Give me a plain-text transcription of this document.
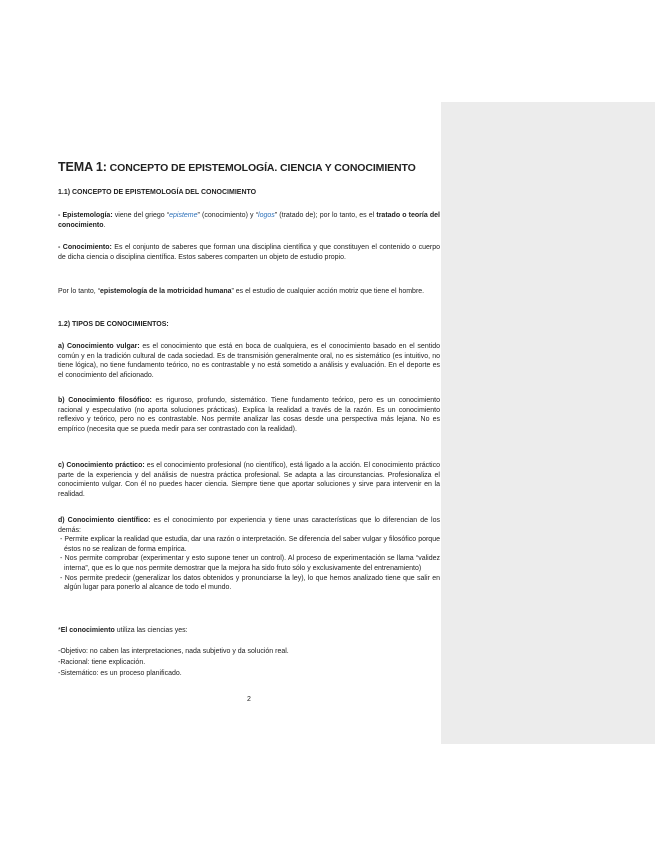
TEMA 1: CONCEPTO DE EPISTEMOLOGÍA. CIENCIA Y CONOCIMIENTO
1.1) CONCEPTO DE EPISTEMOLOGÍA DEL CONOCIMIENTO
- Epistemología: viene del griego “episteme” (conocimiento) y “logos” (tratado de); por lo tanto, es el tratado o teoría del conocimiento.
- Conocimiento: Es el conjunto de saberes que forman una disciplina científica y que constituyen el contenido o cuerpo de dicha ciencia o disciplina científica. Estos saberes comparten un objeto de estudio propio.
Por lo tanto, “epistemología de la motricidad humana” es el estudio de cualquier acción motriz que tiene el hombre.
1.2) TIPOS DE CONOCIMIENTOS:
a) Conocimiento vulgar: es el conocimiento que está en boca de cualquiera, es el conocimiento basado en el sentido común y en la tradición cultural de cada sociedad. Es de transmisión generalmente oral, no es sistemático (es intuitivo, no tiene lógica), no tiene fundamento teórico, no es contrastable y no está sometido a análisis y evaluación. En el deporte es el conocimiento del aficionado.
b) Conocimiento filosófico: es riguroso, profundo, sistemático. Tiene fundamento teórico, pero es un conocimiento racional y especulativo (no aporta soluciones prácticas). Explica la realidad a través de la razón. Es un conocimiento reflexivo y teórico, pero no es contrastable. Nos permite analizar las cosas desde una perspectiva más lejana. No es empírico (necesita que se pueda medir para ser contrastado con la realidad).
c) Conocimiento práctico: es el conocimiento profesional (no científico), está ligado a la acción. El conocimiento práctico parte de la experiencia y del análisis de nuestra práctica profesional. Se adapta a las circunstancias. Profesionaliza el conocimiento vulgar. Con él no puedes hacer ciencia. Siempre tiene que aportar soluciones y sirve para intervenir en la realidad.
d) Conocimiento científico: es el conocimiento por experiencia y tiene unas características que lo diferencian de los demás:
- Permite explicar la realidad que estudia, dar una razón o interpretación. Se diferencia del saber vulgar y filosófico porque éstos no se realizan de forma empírica.
- Nos permite comprobar (experimentar y esto supone tener un control). Al proceso de experimentación se llama “validez interna”, que es lo que nos permite demostrar que la mejora ha sido fruto sólo y exclusivamente del entrenamiento)
- Nos permite predecir (generalizar los datos obtenidos y pronunciarse la ley), lo que hemos analizado tiene que salir en algún lugar para ponerlo al alcance de todo el mundo.
*El conocimiento utiliza las ciencias yes:
-Objetivo: no caben las interpretaciones, nada subjetivo y da solución real.
-Racional: tiene explicación.
-Sistemático: es un proceso planificado.
2
